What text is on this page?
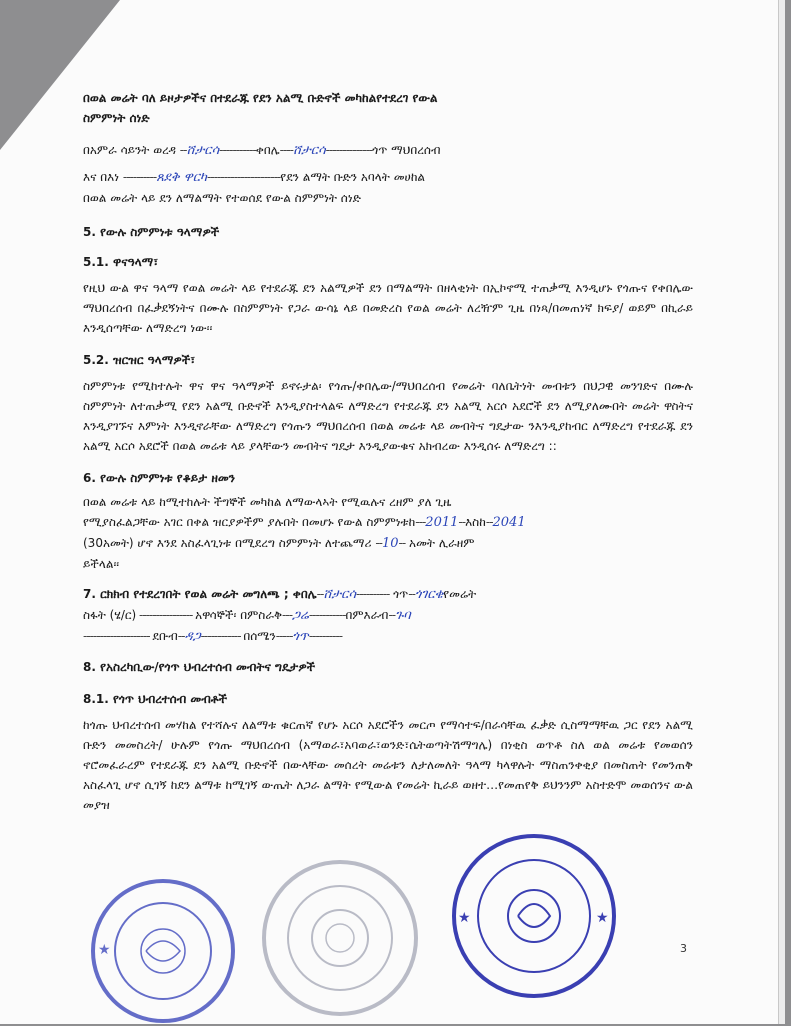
በወል መሬት ባለ ይዞታዎችና በተደራጁ የደን አልሚ ቡድኖች መካከልየተደረገ የውል
ስምምነት ሰነድ
በአምራ ሳይንት ወረዳ --ሸታርሳ-----------ቀበሌ----ሸታርሳ--------------ጎጥ ማህበረሰብ
እና በእነ ----------ጸደቅ ዋርካ----------------------የደን ልማት ቡድን አባላት መሀከል
በወል መሬት ላይ ደን ለማልማት የተወሰደ የውል ስምምነት ሰነድ
5. የውሉ ስምምነቱ ዓላማዎች
5.1. ዋናዓላማ፣
የዚህ ውል ዋና ዓላማ የወል መሬት ላይ የተደራጁ ደን አልሚዎች ደን በማልማት በዘላቂነት በኢኮኖሚ ተጠቃሚ እንዲሆኑ የጎጡና የቀበሌው ማህበረሰብ በፈቃደኝነትና በሙሉ በስምምነት የጋራ ውሳኔ ላይ በመድረስ የወል መሬት ለረዥም ጊዜ በነጻ/በመጠነኛ ክፍያ/ ወይም በኪራይ እንዲሰጣቸው ለማድረግ ነው፡፡
5.2. ዝርዝር ዓላማዎች፣
ስምምነቱ የሚከተሉት ዋና ዋና ዓላማዎች ይኖሩታል፡ የጎጡ/ቀበሌው/ማህበረሰብ የመሬት ባለቤትነት መብቱን በህጋዊ መንገድና በሙሉ ስምምነት ለተጠቃሚ የደን አልሚ ቡድኖች እንዲያስተላልፍ ለማድረግ የተደራጁ ደን አልሚ አርሶ አደሮች ደን ለሚያለሙበት መሬት ዋስትና እንዲያገኙና እምነት እንዲኖራቸው ለማድረግ የጎጡን ማህበረሰብ በወል መሬቱ ላይ መብትና ግዴታው ንእንዲያከብር ለማድረግ የተደራጁ ደን አልሚ አርሶ አደሮች በወል መሬቱ ላይ ያላቸውን መብትና ግዴታ እንዲያውቁና አክብረው እንዲሰሩ ለማድረግ ::
6. የውሉ ስምምነቱ የቆይታ ዘመን
በወል መሬቱ ላይ ከሚተከሉት ችግኞች መካከል ለማውላኣት የሚዉሉና ረዘም ያለ ጊዜ
የሚያስፈልጋቸው አገር በቀል ዝርያዎችም ያሉበት በመሆኑ የውል ስምምነቱከ---2011--እስከ--2041
(30አመት) ሆኖ እንደ አስፈላጊነቱ በሚደረግ ስምምነት ለተጨማሪ --10-- አመት ሊራዘም
ይችላል፡፡
7. ርክክብ የተደረገበት የወል መሬት መግለጫ ; ቀበሌ--ሸታርሳ---------- ጎጥ--ጎገርቄየመሬት
ስፋት (ሄ/ር) ---------------- አዋሳኞች፡ በምስራቅ---ጋሬ-----------በምእራብ--ጉባ
-------------------- ደቡብ--ዳጋ------------ በሰሜን-----ጎጥ----------
8. የአስረካቢው/የጎጥ ህብረተሰብ መብትና ግዴታዎች
8.1. የጎጥ ህብረተሰብ መብቶች
ከጎጡ ህብረተሰብ መሃከል የተሻሉና ለልማቱ ቁርጠኛ የሆኑ አርሶ አደሮችን መርጦ የማሳተፍ/በራሳቸዉ ፈቃድ ሲስማማቸዉ ጋር የደን አልሚ ቡድን መመስረት/ ሁሉም የጎጡ ማህበረሰብ (አማወራ፣አባወራ፣ወንድ፣ሴትወጣትሽማግሌ) በነቂስ ወጥቶ ስለ ወል መሬቱ የመወሰን ኖሮመፈራረም የተደራጁ ደን አልሚ ቡድኖች በውላቸው መሰረት መሬቱን ለታለመለት ዓላማ ካላዋሉት ማስጠንቀቂያ በመስጠት የመንጠቅ አስፈላጊ ሆኖ ሲገኝ ከደን ልማቱ ከሚገኝ ውጤት ለጋራ ልማት የሚውል የመሬት ኪራይ ወዘተ…የመጠየቅ ይህንንም አስተድሞ መወሰንና ውል መያዝ
3
★
★	★
